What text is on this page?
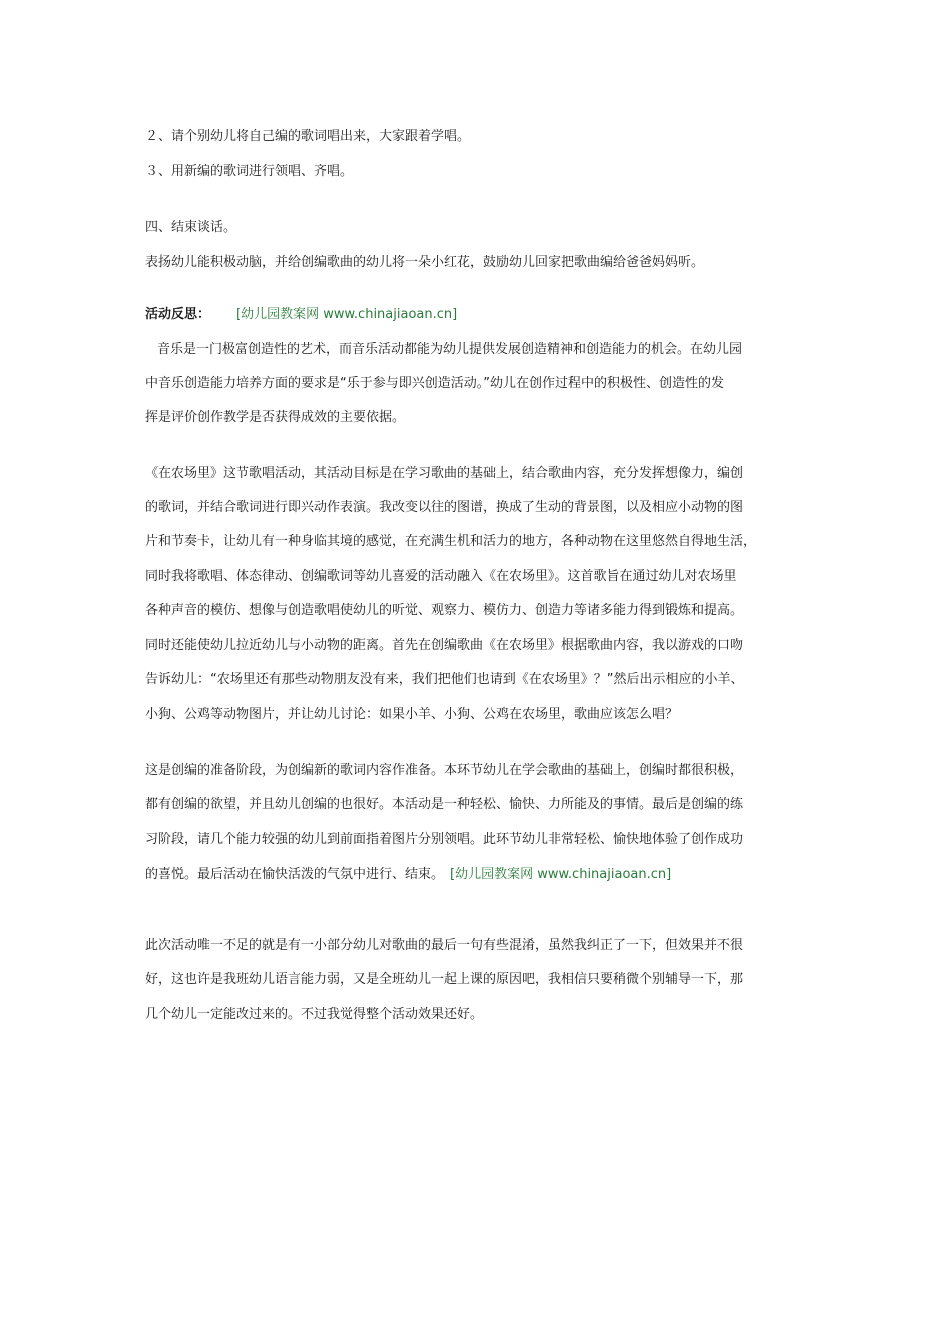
２、请个别幼儿将自己编的歌词唱出来，大家跟着学唱。
３、用新编的歌词进行领唱、齐唱。
四、结束谈话。
表扬幼儿能积极动脑，并给创编歌曲的幼儿将一朵小红花，鼓励幼儿回家把歌曲编给爸爸妈妈听。
活动反思： [幼儿园教案网 www.chinajiaoan.cn]
音乐是一门极富创造性的艺术，而音乐活动都能为幼儿提供发展创造精神和创造能力的机会。在幼儿园
中音乐创造能力培养方面的要求是“乐于参与即兴创造活动。”幼儿在创作过程中的积极性、创造性的发
挥是评价创作教学是否获得成效的主要依据。
《在农场里》这节歌唱活动，其活动目标是在学习歌曲的基础上，结合歌曲内容，充分发挥想像力，编创
的歌词，并结合歌词进行即兴动作表演。我改变以往的图谱，换成了生动的背景图，以及相应小动物的图
片和节奏卡，让幼儿有一种身临其境的感觉，在充满生机和活力的地方，各种动物在这里悠然自得地生活，
同时我将歌唱、体态律动、创编歌词等幼儿喜爱的活动融入《在农场里》。这首歌旨在通过幼儿对农场里
各种声音的模仿、想像与创造歌唱使幼儿的听觉、观察力、模仿力、创造力等诸多能力得到锻炼和提高。
同时还能使幼儿拉近幼儿与小动物的距离。首先在创编歌曲《在农场里》根据歌曲内容，我以游戏的口吻
告诉幼儿：“农场里还有那些动物朋友没有来，我们把他们也请到《在农场里》？”然后出示相应的小羊、
小狗、公鸡等动物图片，并让幼儿讨论：如果小羊、小狗、公鸡在农场里，歌曲应该怎么唱？
这是创编的准备阶段，为创编新的歌词内容作准备。本环节幼儿在学会歌曲的基础上，创编时都很积极，
都有创编的欲望，并且幼儿创编的也很好。本活动是一种轻松、愉快、力所能及的事情。最后是创编的练
习阶段，请几个能力较强的幼儿到前面指着图片分别领唱。此环节幼儿非常轻松、愉快地体验了创作成功
的喜悦。最后活动在愉快活泼的气氛中进行、结束。 [幼儿园教案网 www.chinajiaoan.cn]
此次活动唯一不足的就是有一小部分幼儿对歌曲的最后一句有些混淆，虽然我纠正了一下，但效果并不很
好，这也许是我班幼儿语言能力弱，又是全班幼儿一起上课的原因吧，我相信只要稍微个别辅导一下，那
几个幼儿一定能改过来的。不过我觉得整个活动效果还好。
